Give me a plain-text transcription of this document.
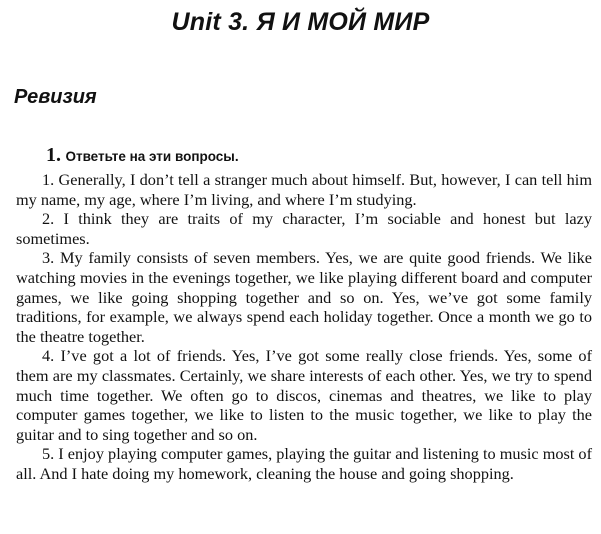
Unit 3. Я И МОЙ МИР
Ревизия
1. Ответьте на эти вопросы.

1. Generally, I don’t tell a stranger much about himself. But, however, I can tell him my name, my age, where I’m living, and where I’m studying.

2. I think they are traits of my character, I’m sociable and honest but lazy sometimes.

3. My family consists of seven members. Yes, we are quite good friends. We like watching movies in the evenings together, we like playing different board and computer games, we like going shopping together and so on. Yes, we’ve got some family traditions, for example, we always spend each holiday together. Once a month we go to the theatre together.

4. I’ve got a lot of friends. Yes, I’ve got some really close friends. Yes, some of them are my classmates. Certainly, we share interests of each other. Yes, we try to spend much time together. We often go to discos, cinemas and theatres, we like to play computer games together, we like to listen to the music together, we like to play the guitar and to sing together and so on.

5. I enjoy playing computer games, playing the guitar and listening to music most of all. And I hate doing my homework, cleaning the house and going shopping.
